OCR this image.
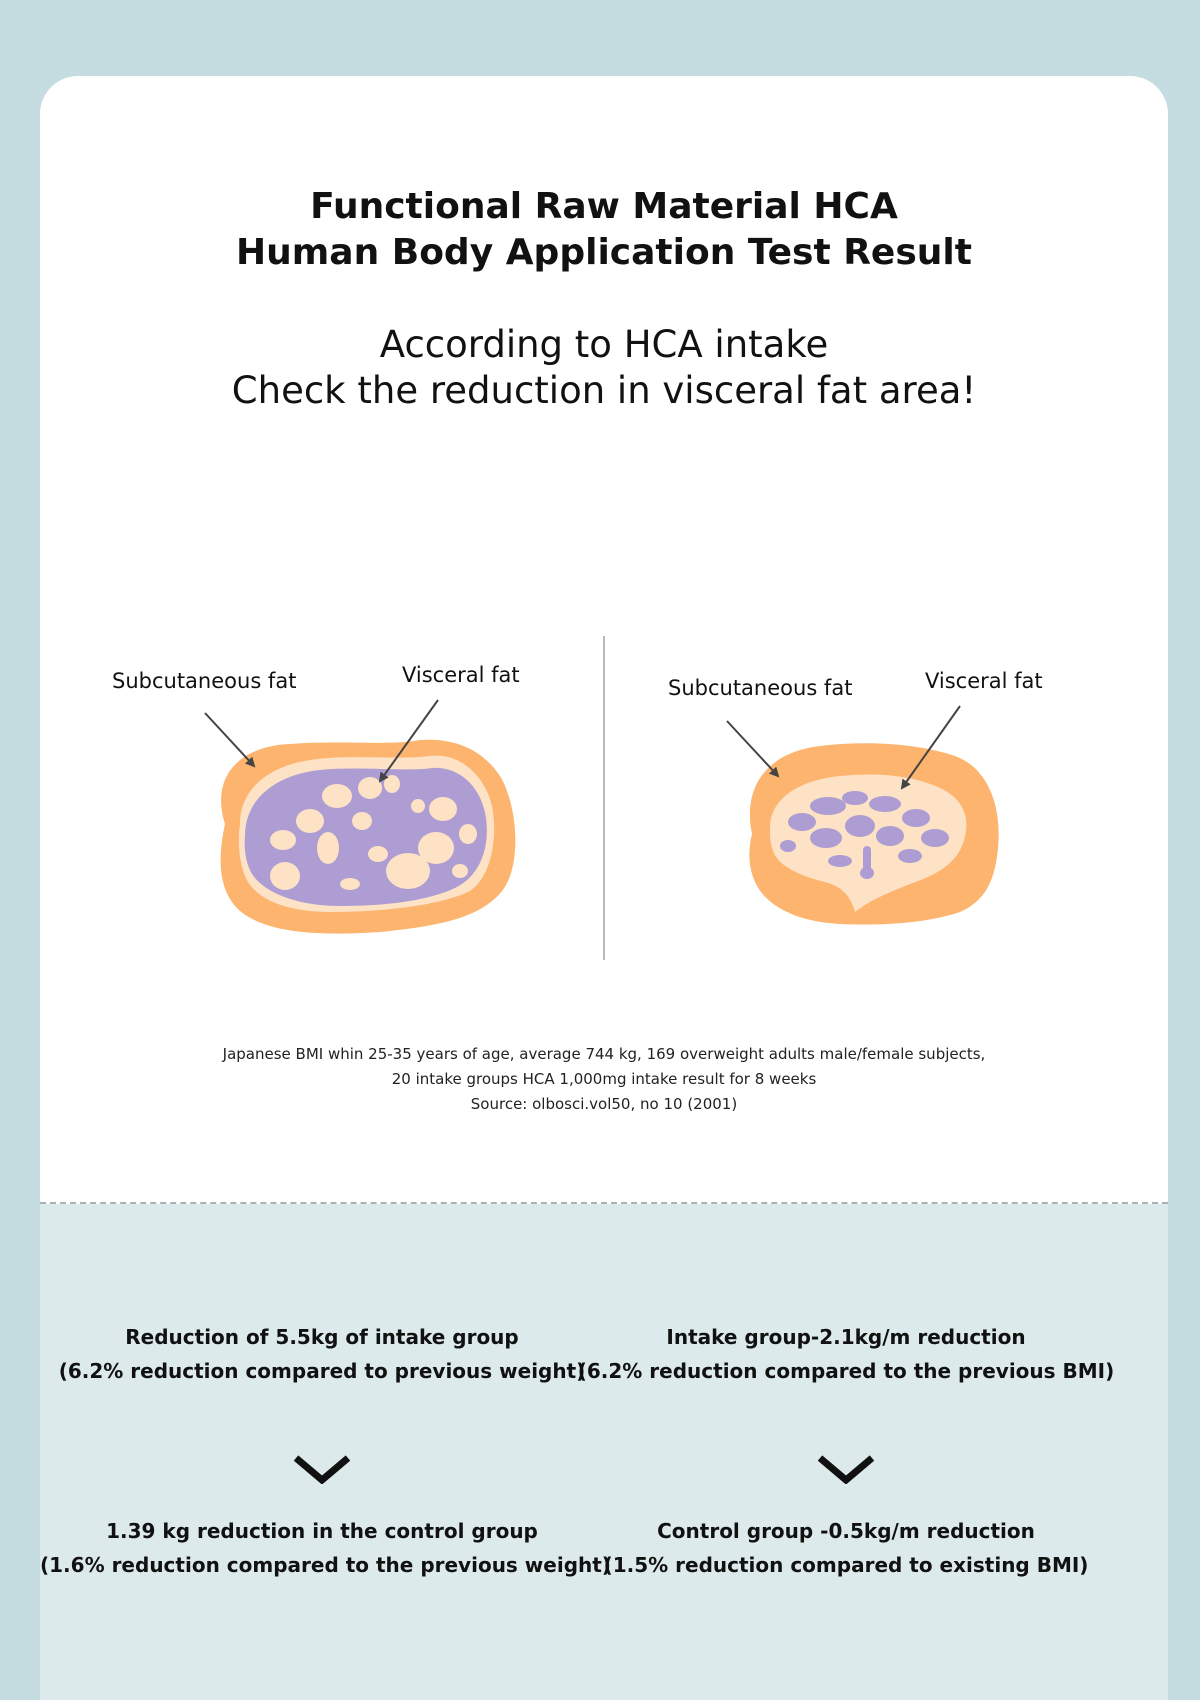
Functional Raw Material HCA
Human Body Application Test Result
According to HCA intake
Check the reduction in visceral fat area!
Subcutaneous fat	Visceral fat
Subcutaneous fat	Visceral fat
Japanese BMI whin 25-35 years of age, average 744 kg, 169 overweight adults male/female subjects,
20 intake groups HCA 1,000mg intake result for 8 weeks
Source: olbosci.vol50, no 10 (2001)
Reduction of 5.5kg of intake group
(6.2% reduction compared to previous weight)
1.39 kg reduction in the control group
(1.6% reduction compared to the previous weight)
Intake group-2.1kg/m reduction
(6.2% reduction compared to the previous BMI)
Control group -0.5kg/m reduction
(1.5% reduction compared to existing BMI)
